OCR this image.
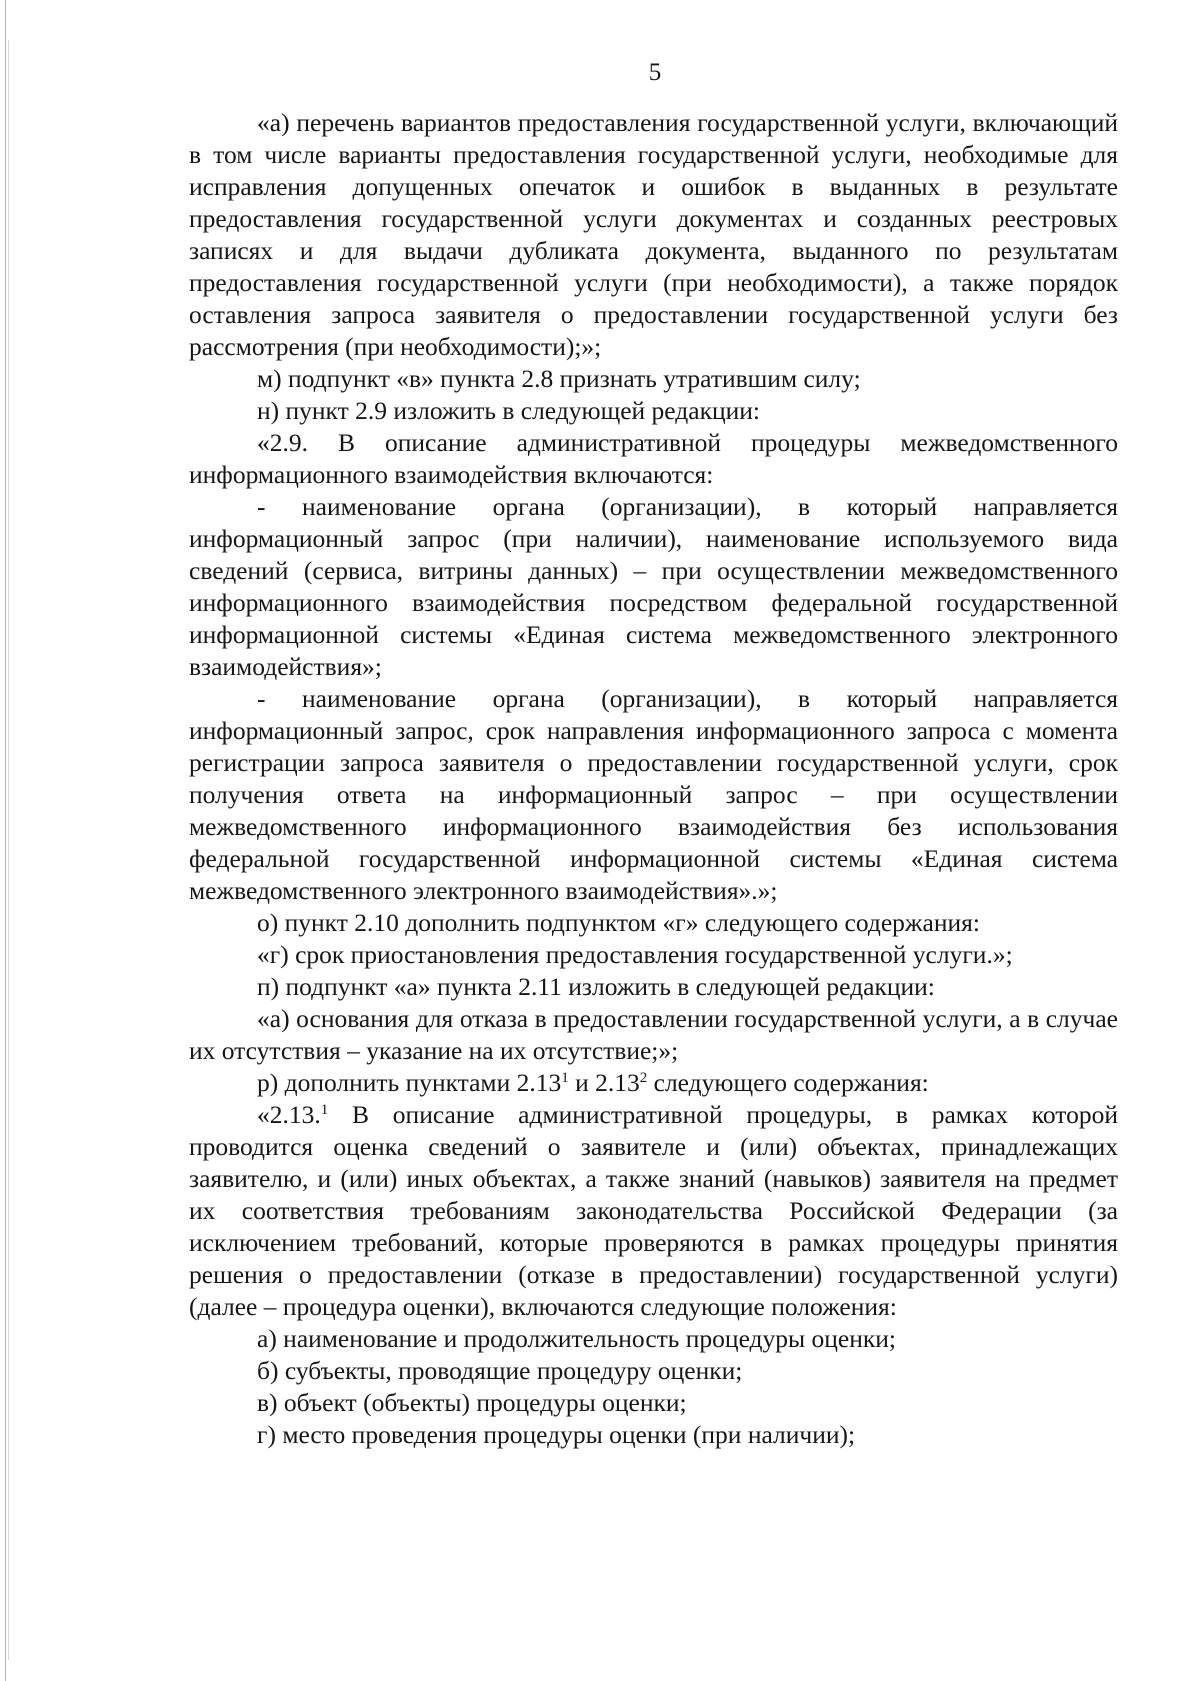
5

«а) перечень вариантов предоставления государственной услуги, включающий в том числе варианты предоставления государственной услуги, необходимые для исправления допущенных опечаток и ошибок в выданных в результате предоставления государственной услуги документах и созданных реестровых записях и для выдачи дубликата документа, выданного по результатам предоставления государственной услуги (при необходимости), а также порядок оставления запроса заявителя о предоставлении государственной услуги без рассмотрения (при необходимости);»;

м) подпункт «в» пункта 2.8 признать утратившим силу;

н) пункт 2.9 изложить в следующей редакции:

«2.9. В описание административной процедуры межведомственного информационного взаимодействия включаются:

- наименование органа (организации), в который направляется информационный запрос (при наличии), наименование используемого вида сведений (сервиса, витрины данных) – при осуществлении межведомственного информационного взаимодействия посредством федеральной государственной информационной системы «Единая система межведомственного электронного взаимодействия»;

- наименование органа (организации), в который направляется информационный запрос, срок направления информационного запроса с момента регистрации запроса заявителя о предоставлении государственной услуги, срок получения ответа на информационный запрос – при осуществлении межведомственного информационного взаимодействия без использования федеральной государственной информационной системы «Единая система межведомственного электронного взаимодействия».»;

о) пункт 2.10 дополнить подпунктом «г» следующего содержания:

«г) срок приостановления предоставления государственной услуги.»;

п) подпункт «а» пункта 2.11 изложить в следующей редакции:

«а) основания для отказа в предоставлении государственной услуги, а в случае их отсутствия – указание на их отсутствие;»;

р) дополнить пунктами 2.13$^1$ и 2.13$^2$ следующего содержания:

«2.13.$^1$ В описание административной процедуры, в рамках которой проводится оценка сведений о заявителе и (или) объектах, принадлежащих заявителю, и (или) иных объектах, а также знаний (навыков) заявителя на предмет их соответствия требованиям законодательства Российской Федерации (за исключением требований, которые проверяются в рамках процедуры принятия решения о предоставлении (отказе в предоставлении) государственной услуги) (далее – процедура оценки), включаются следующие положения:

а) наименование и продолжительность процедуры оценки;

б) субъекты, проводящие процедуру оценки;

в) объект (объекты) процедуры оценки;

г) место проведения процедуры оценки (при наличии);
